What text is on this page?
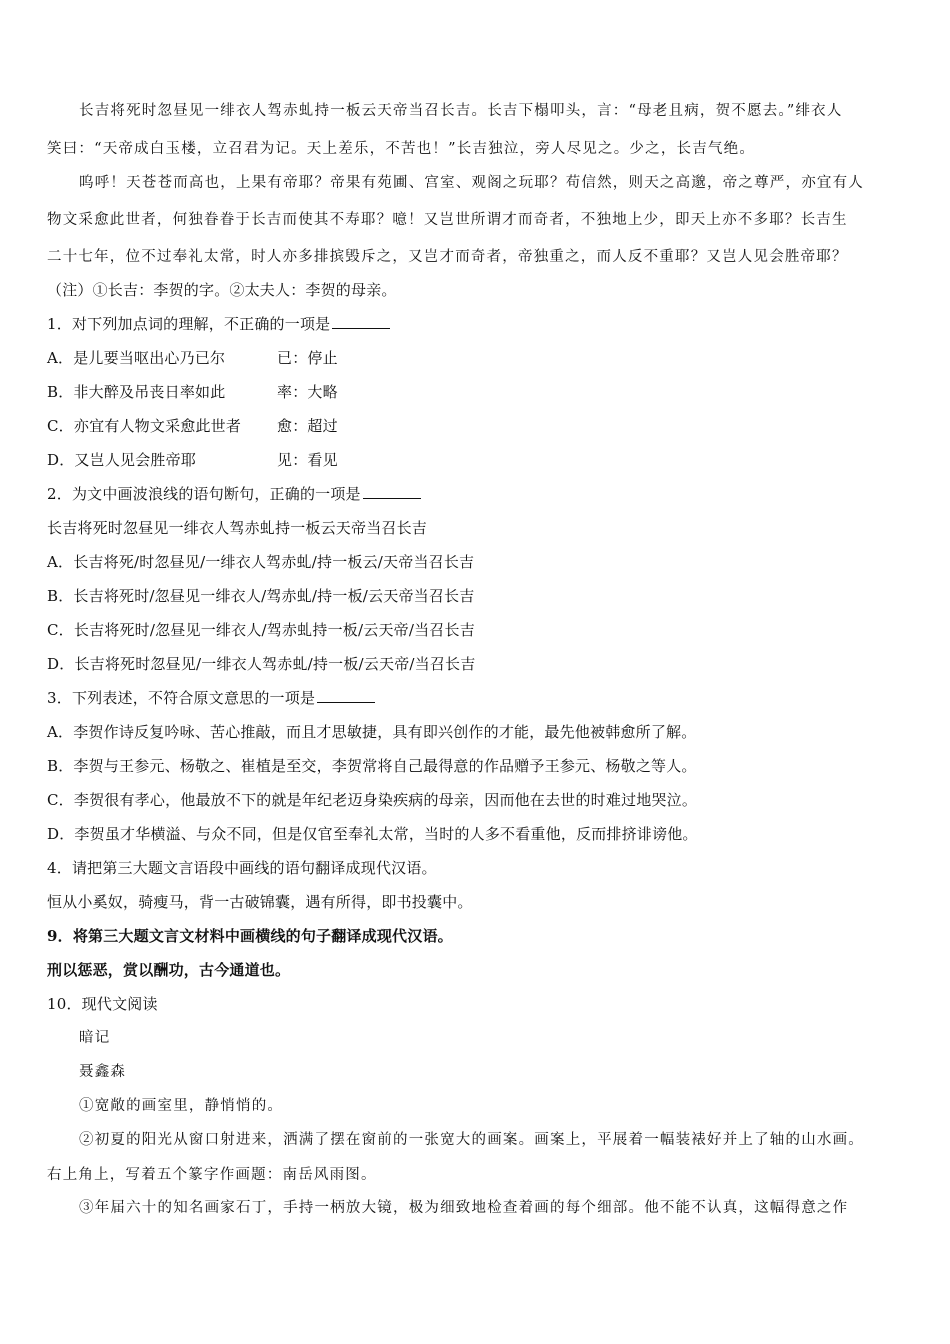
长吉将死时忽昼见一绯衣人驾赤虬持一板云天帝当召长吉。长吉下榻叩头，言：“母老且病，贺不愿去。”绯衣人
笑曰：“天帝成白玉楼，立召君为记。天上差乐，不苦也！”长吉独泣，旁人尽见之。少之，长吉气绝。
呜呼！天苍苍而高也，上果有帝耶？帝果有苑圃、宫室、观阁之玩耶？苟信然，则天之高邈，帝之尊严，亦宜有人
物文采愈此世者，何独眷眷于长吉而使其不寿耶？噫！又岂世所谓才而奇者，不独地上少，即天上亦不多耶？长吉生
二十七年，位不过奉礼太常，时人亦多排摈毁斥之，又岂才而奇者，帝独重之，而人反不重耶？又岂人见会胜帝耶？
（注）①长吉：李贺的字。②太夫人：李贺的母亲。
1．对下列加点词的理解，不正确的一项是
A．是儿要当呕出心乃已尔	已：停止
B．非大醉及吊丧日率如此	率：大略
C．亦宜有人物文采愈此世者 愈：超过
D．又岂人见会胜帝耶	见：看见
2．为文中画波浪线的语句断句，正确的一项是
长吉将死时忽昼见一绯衣人驾赤虬持一板云天帝当召长吉
A．长吉将死/时忽昼见/一绯衣人驾赤虬/持一板云/天帝当召长吉
B．长吉将死时/忽昼见一绯衣人/驾赤虬/持一板/云天帝当召长吉
C．长吉将死时/忽昼见一绯衣人/驾赤虬持一板/云天帝/当召长吉
D．长吉将死时忽昼见/一绯衣人驾赤虬/持一板/云天帝/当召长吉
3．下列表述，不符合原文意思的一项是
A．李贺作诗反复吟咏、苦心推敲，而且才思敏捷，具有即兴创作的才能，最先他被韩愈所了解。
B．李贺与王参元、杨敬之、崔植是至交，李贺常将自己最得意的作品赠予王参元、杨敬之等人。
C．李贺很有孝心，他最放不下的就是年纪老迈身染疾病的母亲，因而他在去世的时难过地哭泣。
D．李贺虽才华横溢、与众不同，但是仅官至奉礼太常，当时的人多不看重他，反而排挤诽谤他。
4．请把第三大题文言语段中画线的语句翻译成现代汉语。
恒从小奚奴，骑瘦马，背一古破锦囊，遇有所得，即书投囊中。
9．将第三大题文言文材料中画横线的句子翻译成现代汉语。
刑以惩恶，赏以酬功，古今通道也。
10．现代文阅读
暗记
聂鑫森
①宽敞的画室里，静悄悄的。
②初夏的阳光从窗口射进来，洒满了摆在窗前的一张宽大的画案。画案上，平展着一幅装裱好并上了轴的山水画。
右上角上，写着五个篆字作画题：南岳风雨图。
③年届六十的知名画家石丁，手持一柄放大镜，极为细致地检查着画的每个细部。他不能不认真，这幅得意之作
